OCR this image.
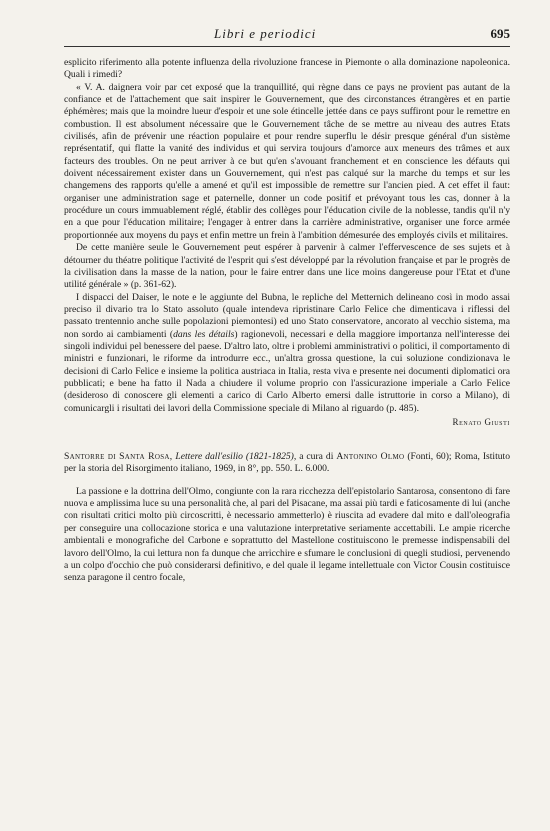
Libri e periodici	695

esplicito riferimento alla potente influenza della rivoluzione francese in Piemonte o alla dominazione napoleonica. Quali i rimedi?

« V. A. daignera voir par cet exposé que la tranquillité, qui règne dans ce pays ne provient pas autant de la confiance et de l'attachement que sait inspirer le Gouvernement, que des circonstances étrangères et en partie éphémères; mais que la moindre lueur d'espoir et une sole étincelle jettée dans ce pays suffiront pour le remettre en combustion. Il est absolument nécessaire que le Gouvernement tâche de se mettre au niveau des autres Etats civilisés, afin de prévenir une réaction populaire et pour rendre superflu le désir presque général d'un sistème représentatif, qui flatte la vanité des individus et qui servira toujours d'amorce aux meneurs des trâmes et aux facteurs des troubles. On ne peut arriver à ce but qu'en s'avouant franchement et en conscience les défauts qui doivent nécessairement exister dans un Gouvernement, qui n'est pas calqué sur la marche du temps et sur les changemens des rapports qu'elle a amené et qu'il est impossible de remettre sur l'ancien pied. A cet effet il faut: organiser une administration sage et paternelle, donner un code positif et prévoyant tous les cas, donner à la procédure un cours immuablement réglé, établir des collèges pour l'éducation civile de la noblesse, tandis qu'il n'y en a que pour l'éducation militaire; l'engager à entrer dans la carrière administrative, organiser une force armée proportionnée aux moyens du pays et enfin mettre un frein à l'ambition démesurée des employés civils et militaires.

De cette manière seule le Gouvernement peut espérer à parvenir à calmer l'effervescence de ses sujets et à détourner du théatre politique l'activité de l'esprit qui s'est développé par la révolution française et par le progrès de la civilisation dans la masse de la nation, pour le faire entrer dans une lice moins dangereuse pour l'Etat et d'une utilité générale » (p. 361-62).

I dispacci del Daiser, le note e le aggiunte del Bubna, le repliche del Metternich delineano così in modo assai preciso il divario tra lo Stato assoluto (quale intendeva ripristinare Carlo Felice che dimenticava i riflessi del passato trentennio anche sulle popolazioni piemontesi) ed uno Stato conservatore, ancorato al vecchio sistema, ma non sordo ai cambiamenti (dans les détails) ragionevoli, necessari e della maggiore importanza nell'interesse dei singoli individui pel benessere del paese. D'altro lato, oltre i problemi amministrativi o politici, il comportamento di ministri e funzionari, le riforme da introdurre ecc., un'altra grossa questione, la cui soluzione condizionava le decisioni di Carlo Felice e insieme la politica austriaca in Italia, resta viva e presente nei documenti diplomatici ora pubblicati; e bene ha fatto il Nada a chiudere il volume proprio con l'assicurazione imperiale a Carlo Felice (desideroso di conoscere gli elementi a carico di Carlo Alberto emersi dalle istruttorie in corso a Milano), di comunicargli i risultati dei lavori della Commissione speciale di Milano al riguardo (p. 485).

Renato Giusti
Santorre di Santa Rosa, Lettere dall'esilio (1821-1825), a cura di Antonino Olmo (Fonti, 60); Roma, Istituto per la storia del Risorgimento italiano, 1969, in 8°, pp. 550. L. 6.000.

La passione e la dottrina dell'Olmo, congiunte con la rara ricchezza dell'epistolario Santarosa, consentono di fare nuova e amplissima luce su una personalità che, al pari del Pisacane, ma assai più tardi e faticosamente di lui (anche con risultati critici molto più circoscritti, è necessario ammetterlo) è riuscita ad evadere dal mito e dall'oleografia per conseguire una collocazione storica e una valutazione interpretative seriamente accettabili. Le ampie ricerche ambientali e monografiche del Carbone e soprattutto del Mastellone costituiscono le premesse indispensabili del lavoro dell'Olmo, la cui lettura non fa dunque che arricchire e sfumare le conclusioni di quegli studiosi, pervenendo a un colpo d'occhio che può considerarsi definitivo, e del quale il legame intellettuale con Victor Cousin costituisce senza paragone il centro focale,
